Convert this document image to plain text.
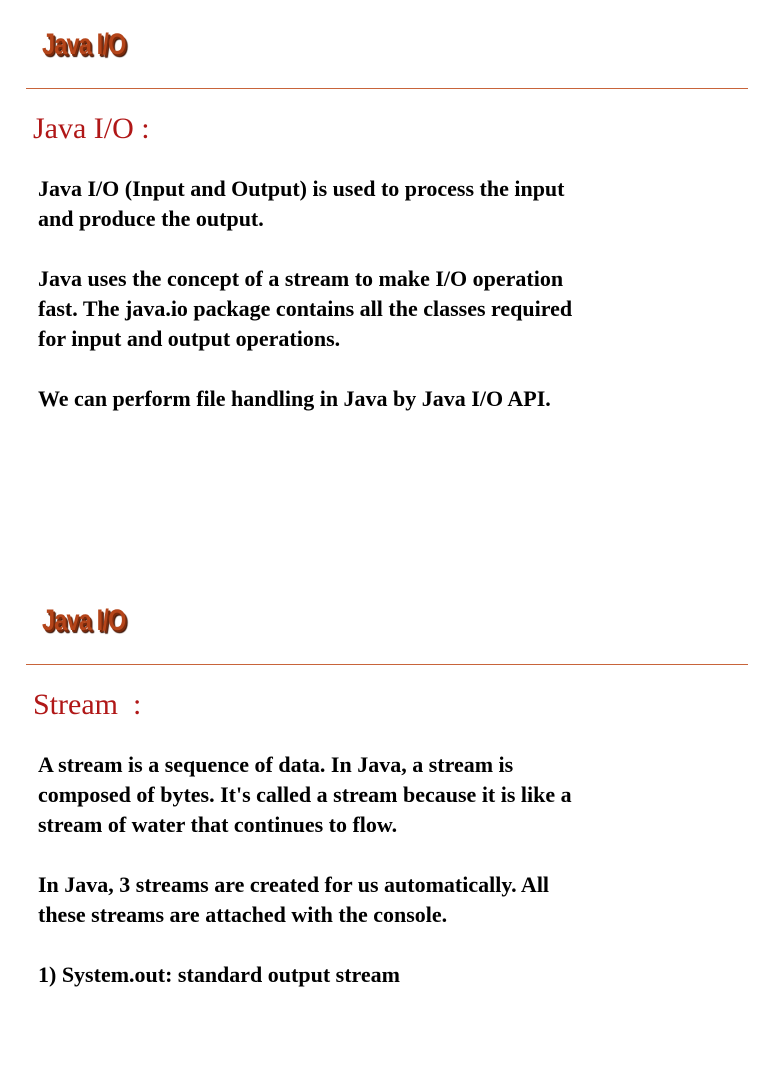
Java I/O
Java I/O :

Java I/O (Input and Output) is used to process the input
and produce the output.

Java uses the concept of a stream to make I/O operation
fast. The java.io package contains all the classes required
for input and output operations.

We can perform file handling in Java by Java I/O API.

Java I/O
Stream  :

A stream is a sequence of data. In Java, a stream is
composed of bytes. It's called a stream because it is like a
stream of water that continues to flow.

In Java, 3 streams are created for us automatically. All
these streams are attached with the console.

1) System.out: standard output stream
